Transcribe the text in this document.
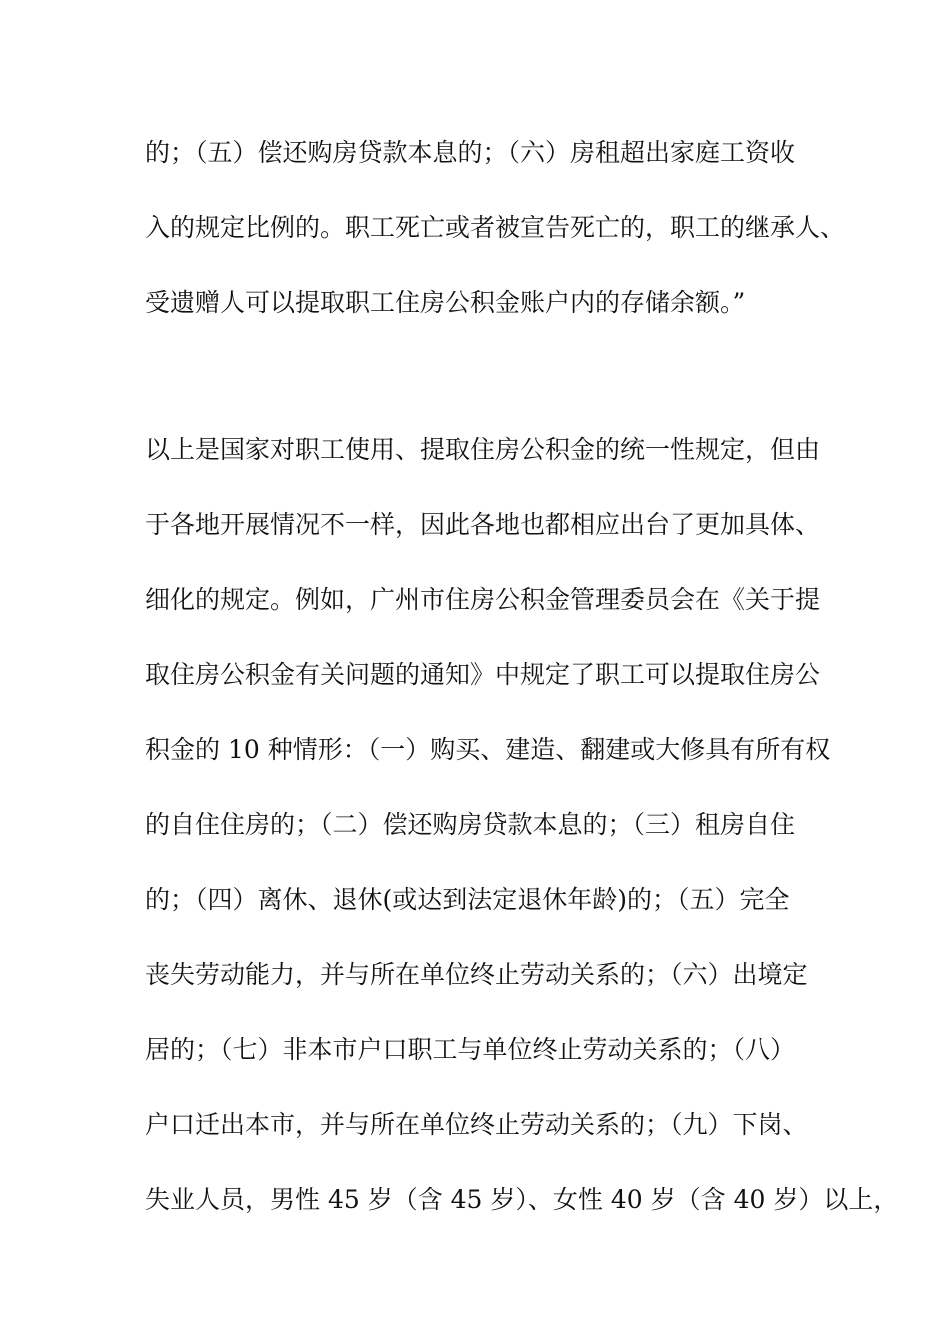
的；（五）偿还购房贷款本息的；（六）房租超出家庭工资收
入的规定比例的。职工死亡或者被宣告死亡的，职工的继承人、
受遗赠人可以提取职工住房公积金账户内的存储余额。”
以上是国家对职工使用、提取住房公积金的统一性规定，但由
于各地开展情况不一样，因此各地也都相应出台了更加具体、
细化的规定。例如，广州市住房公积金管理委员会在《关于提
取住房公积金有关问题的通知》中规定了职工可以提取住房公
积金的 10 种情形：（一）购买、建造、翻建或大修具有所有权
的自住住房的；（二）偿还购房贷款本息的；（三）租房自住
的；（四）离休、退休(或达到法定退休年龄)的；（五）完全
丧失劳动能力，并与所在单位终止劳动关系的；（六）出境定
居的；（七）非本市户口职工与单位终止劳动关系的；（八）
户口迁出本市，并与所在单位终止劳动关系的；（九）下岗、
失业人员，男性 45 岁（含 45 岁）、女性 40 岁（含 40 岁）以上，
